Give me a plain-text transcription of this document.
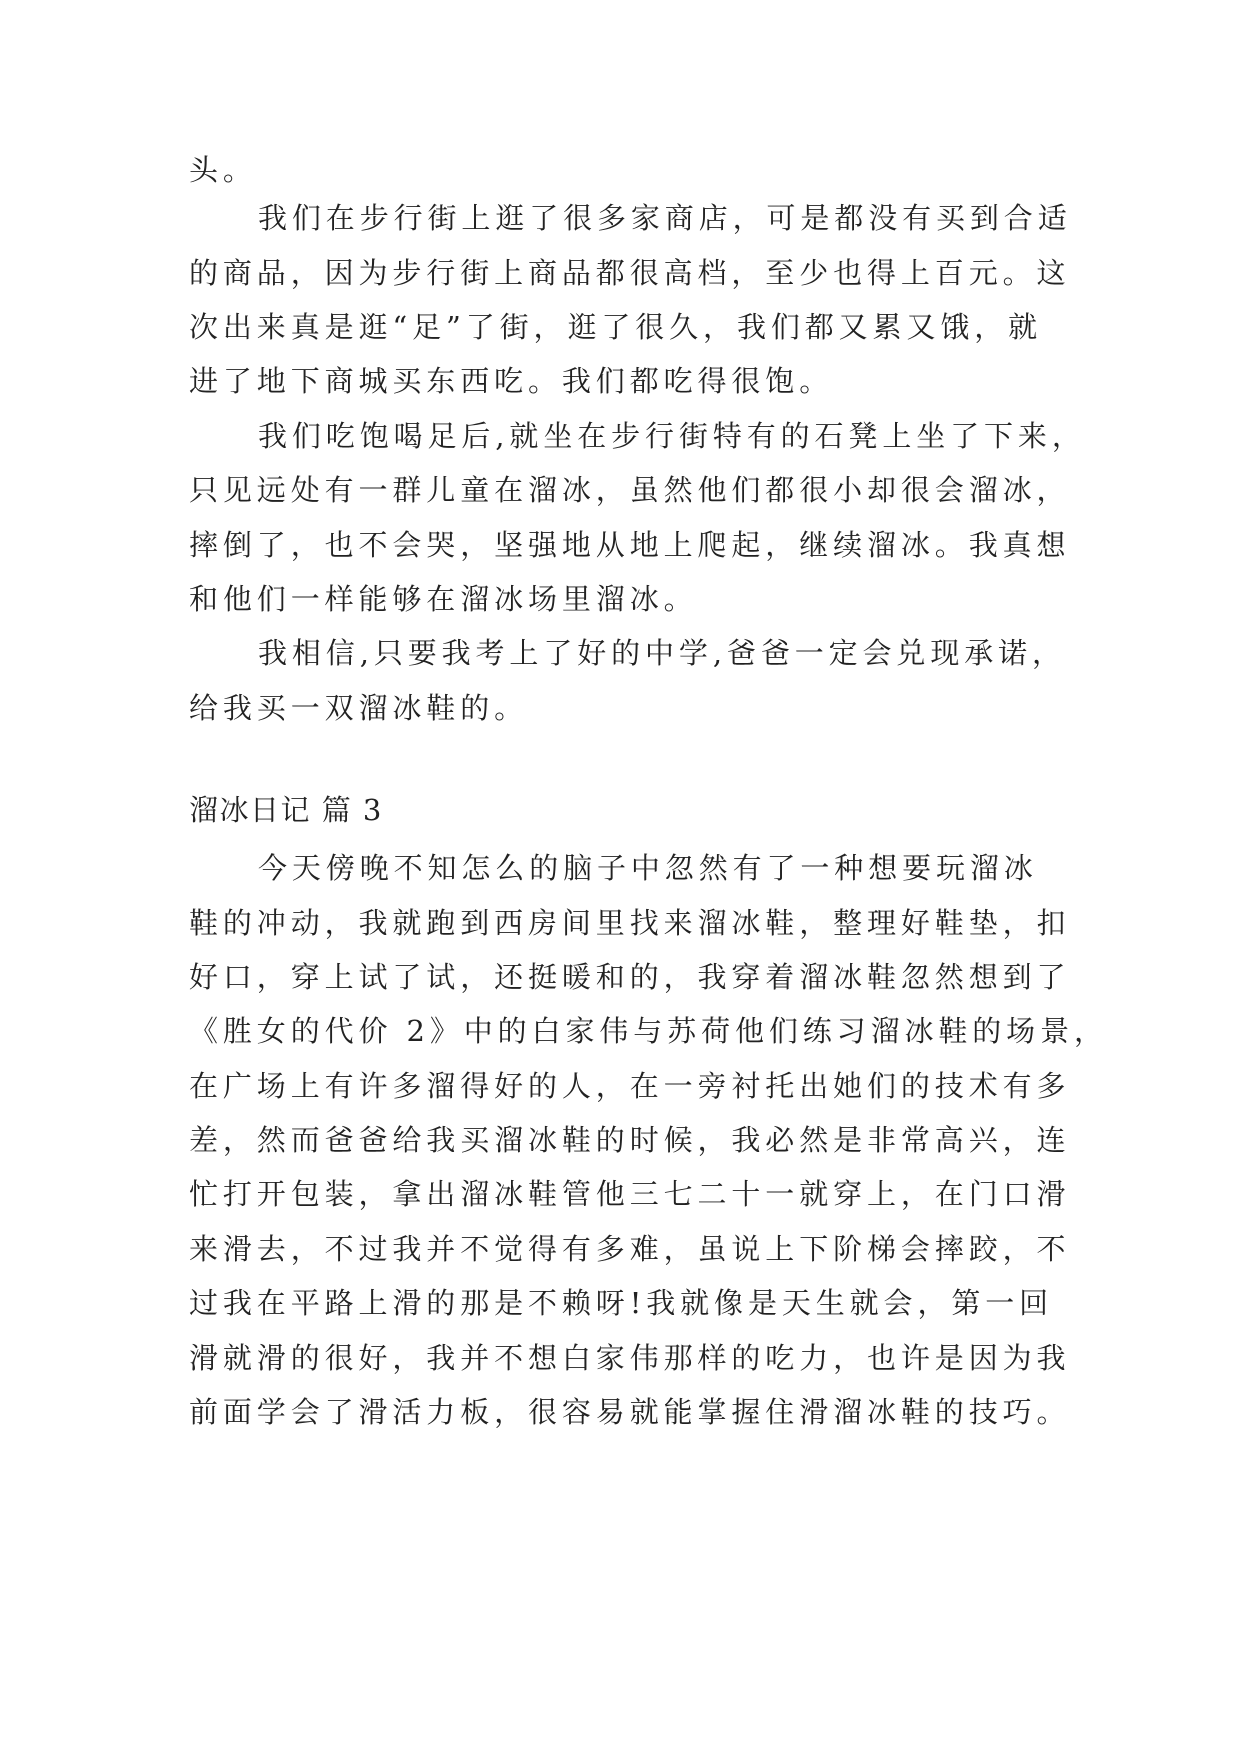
头。
我们在步行街上逛了很多家商店，可是都没有买到合适
的商品，因为步行街上商品都很高档，至少也得上百元。这
次出来真是逛“足”了街，逛了很久，我们都又累又饿，就
进了地下商城买东西吃。我们都吃得很饱。
我们吃饱喝足后,就坐在步行街特有的石凳上坐了下来，
只见远处有一群儿童在溜冰，虽然他们都很小却很会溜冰，
摔倒了，也不会哭，坚强地从地上爬起，继续溜冰。我真想
和他们一样能够在溜冰场里溜冰。
我相信,只要我考上了好的中学,爸爸一定会兑现承诺，
给我买一双溜冰鞋的。
溜冰日记 篇 3
今天傍晚不知怎么的脑子中忽然有了一种想要玩溜冰
鞋的冲动，我就跑到西房间里找来溜冰鞋，整理好鞋垫，扣
好口，穿上试了试，还挺暖和的，我穿着溜冰鞋忽然想到了
《胜女的代价 2》中的白家伟与苏荷他们练习溜冰鞋的场景，
在广场上有许多溜得好的人，在一旁衬托出她们的技术有多
差，然而爸爸给我买溜冰鞋的时候，我必然是非常高兴，连
忙打开包装，拿出溜冰鞋管他三七二十一就穿上，在门口滑
来滑去，不过我并不觉得有多难，虽说上下阶梯会摔跤，不
过我在平路上滑的那是不赖呀!我就像是天生就会，第一回
滑就滑的很好，我并不想白家伟那样的吃力，也许是因为我
前面学会了滑活力板，很容易就能掌握住滑溜冰鞋的技巧。
